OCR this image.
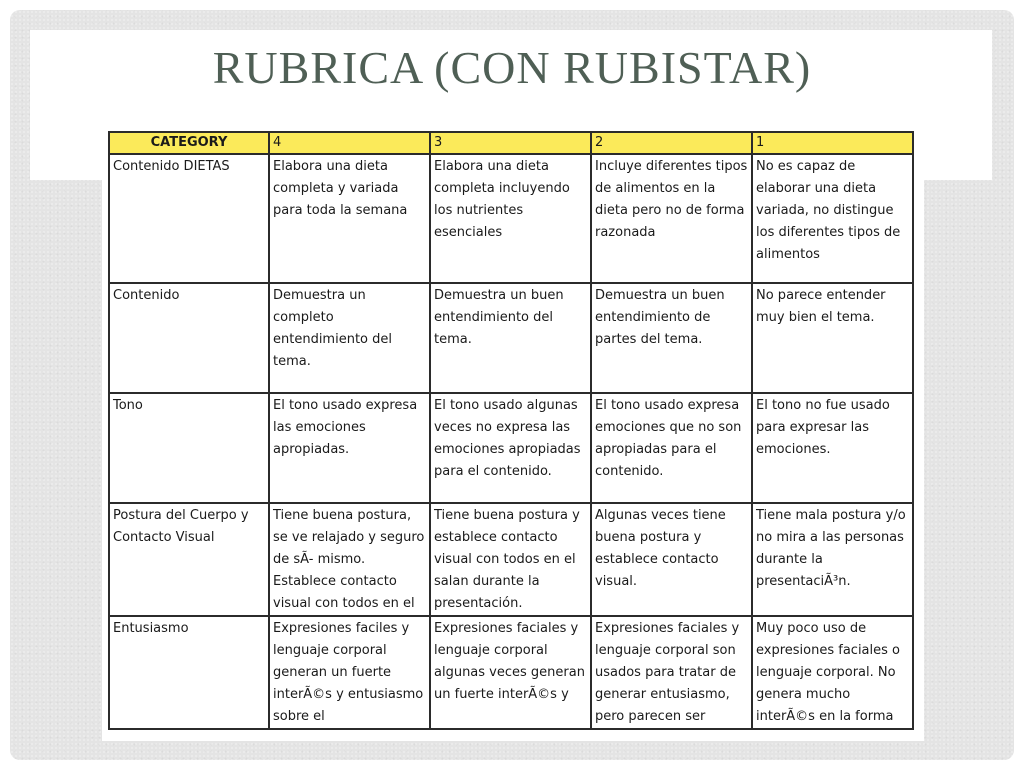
RUBRICA (CON RUBISTAR)
CATEGORY	4	3	2	1
Contenido DIETAS	Elabora una dieta completa y variada para toda la semana	Elabora una dieta completa incluyendo los nutrientes esenciales	Incluye diferentes tipos de alimentos en la dieta pero no de forma razonada	No es capaz de elaborar una dieta variada, no distingue los diferentes tipos de alimentos
Contenido	Demuestra un completo entendimiento del tema.	Demuestra un buen entendimiento del tema.	Demuestra un buen entendimiento de partes del tema.	No parece entender muy bien el tema.
Tono	El tono usado expresa las emociones apropiadas.	El tono usado algunas veces no expresa las emociones apropiadas para el contenido.	El tono usado expresa emociones que no son apropiadas para el contenido.	El tono no fue usado para expresar las emociones.
Postura del Cuerpo y Contacto Visual	Tiene buena postura, se ve relajado y seguro de sÃ- mismo. Establece contacto visual con todos en el	Tiene buena postura y establece contacto visual con todos en el salan durante la presentación.	Algunas veces tiene buena postura y establece contacto visual.	Tiene mala postura y/o no mira a las personas durante la presentaciÃ³n.
Entusiasmo	Expresiones faciles y lenguaje corporal generan un fuerte interÃ©s y entusiasmo sobre el	Expresiones faciales y lenguaje corporal algunas veces generan un fuerte interÃ©s y	Expresiones faciales y lenguaje corporal son usados para tratar de generar entusiasmo, pero parecen ser	Muy poco uso de expresiones faciales o lenguaje corporal. No genera mucho interÃ©s en la forma
